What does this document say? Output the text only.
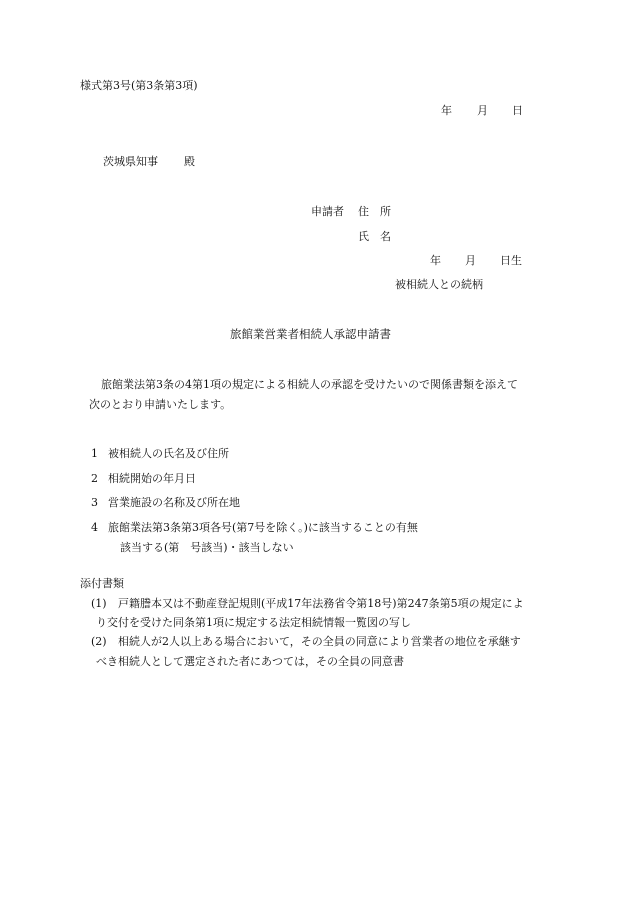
様式第3号(第3条第3項)
年 月 日
茨城県知事 殿
申請者 住　所
氏　名
年 月 日生
被相続人との続柄
旅館業営業者相続人承認申請書
旅館業法第3条の4第1項の規定による相続人の承認を受けたいので関係書類を添えて
次のとおり申請いたします。
1 被相続人の氏名及び住所
2 相続開始の年月日
3 営業施設の名称及び所在地
4 旅館業法第3条第3項各号(第7号を除く。)に該当することの有無
該当する(第　号該当)・該当しない
添付書類
(1) 戸籍謄本又は不動産登記規則(平成17年法務省令第18号)第247条第5項の規定によ
り交付を受けた同条第1項に規定する法定相続情報一覧図の写し
(2) 相続人が2人以上ある場合において，その全員の同意により営業者の地位を承継す
べき相続人として選定された者にあつては，その全員の同意書
